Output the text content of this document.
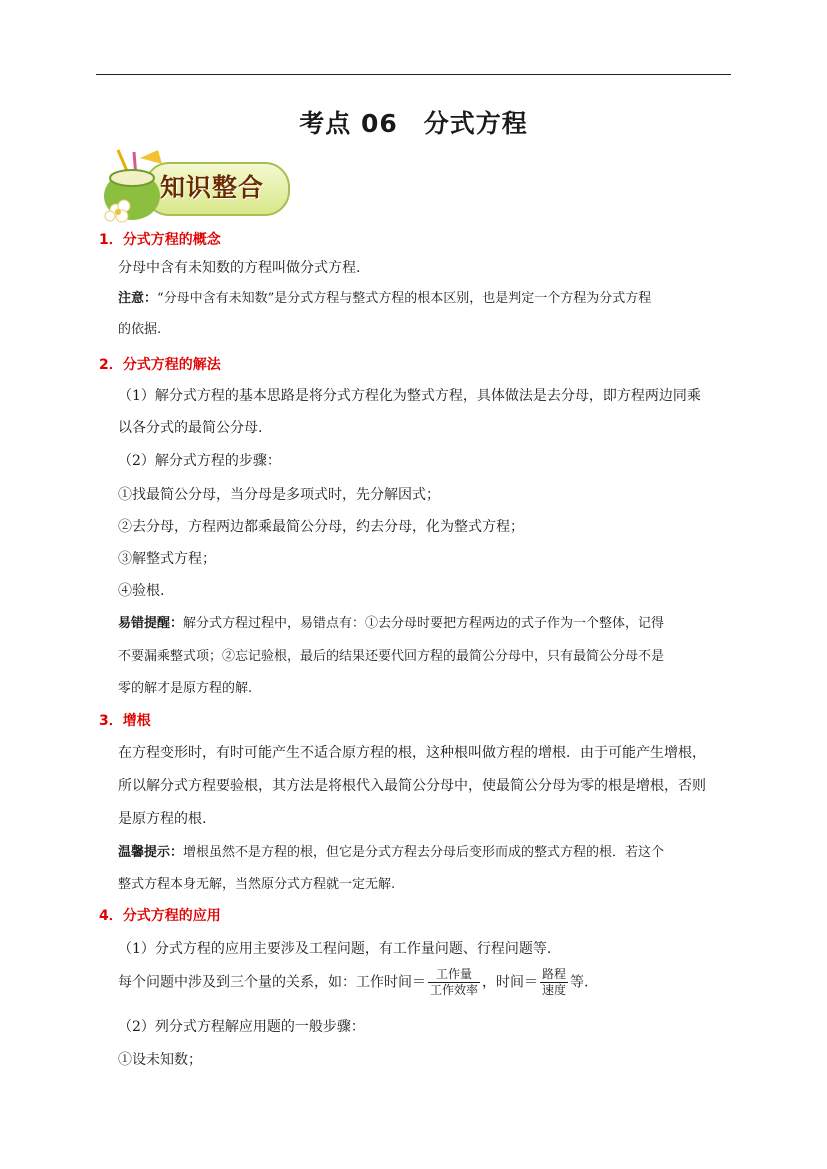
考点 06　分式方程
知识整合
1．分式方程的概念
分母中含有未知数的方程叫做分式方程.
注意：“分母中含有未知数”是分式方程与整式方程的根本区别，也是判定一个方程为分式方程
的依据.
2．分式方程的解法
（1）解分式方程的基本思路是将分式方程化为整式方程，具体做法是去分母，即方程两边同乘
以各分式的最简公分母.
（2）解分式方程的步骤：
①找最简公分母，当分母是多项式时，先分解因式；
②去分母，方程两边都乘最简公分母，约去分母，化为整式方程；
③解整式方程；
④验根.
易错提醒：解分式方程过程中，易错点有：①去分母时要把方程两边的式子作为一个整体，记得
不要漏乘整式项；②忘记验根，最后的结果还要代回方程的最简公分母中，只有最简公分母不是
零的解才是原方程的解.
3．增根
在方程变形时，有时可能产生不适合原方程的根，这种根叫做方程的增根．由于可能产生增根，
所以解分式方程要验根，其方法是将根代入最简公分母中，使最简公分母为零的根是增根，否则
是原方程的根.
温馨提示：增根虽然不是方程的根，但它是分式方程去分母后变形而成的整式方程的根．若这个
整式方程本身无解，当然原分式方程就一定无解.
4．分式方程的应用
（1）分式方程的应用主要涉及工程问题，有工作量问题、行程问题等.
每个问题中涉及到三个量的关系，如：工作时间＝ $\frac{\text{工作量}}{\text{工作效率}}$ ，时间＝ $\frac{\text{路程}}{\text{速度}}$ 等.
（2）列分式方程解应用题的一般步骤：
①设未知数；
